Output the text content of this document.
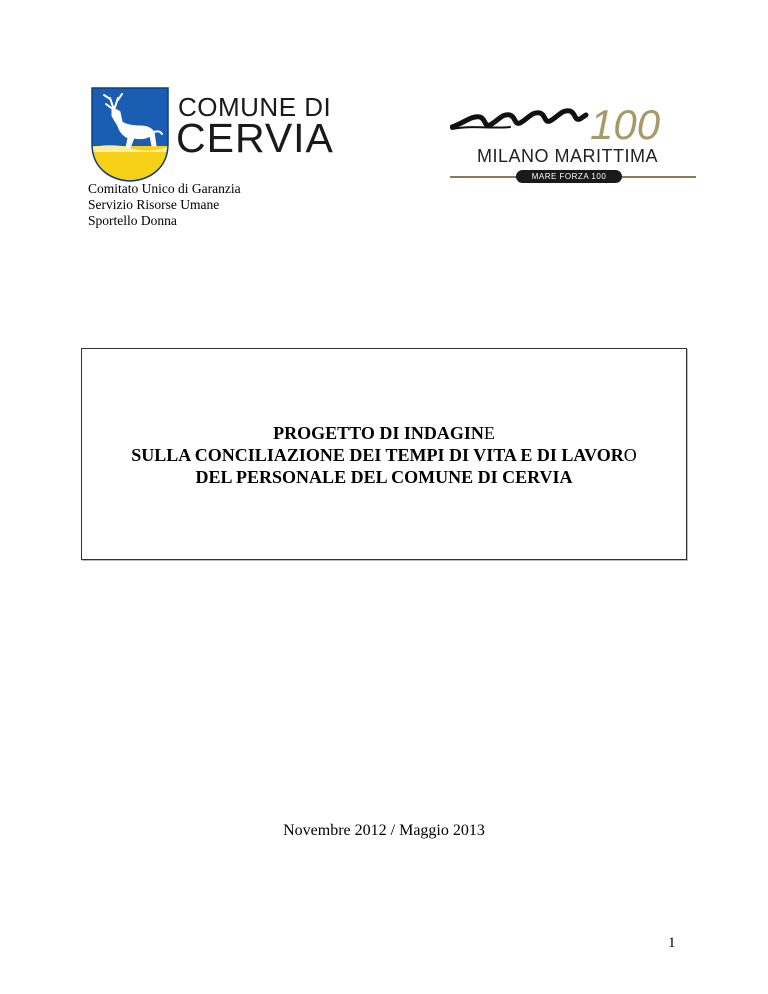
COMUNE DI
CERVIA
Comitato Unico di Garanzia
Servizio Risorse Umane
Sportello Donna
100
MILANO MARITTIMA
MARE FORZA 100
PROGETTO DI INDAGINE
SULLA CONCILIAZIONE DEI TEMPI DI VITA E DI LAVORO
DEL PERSONALE DEL COMUNE DI CERVIA
Novembre 2012 / Maggio 2013
1
